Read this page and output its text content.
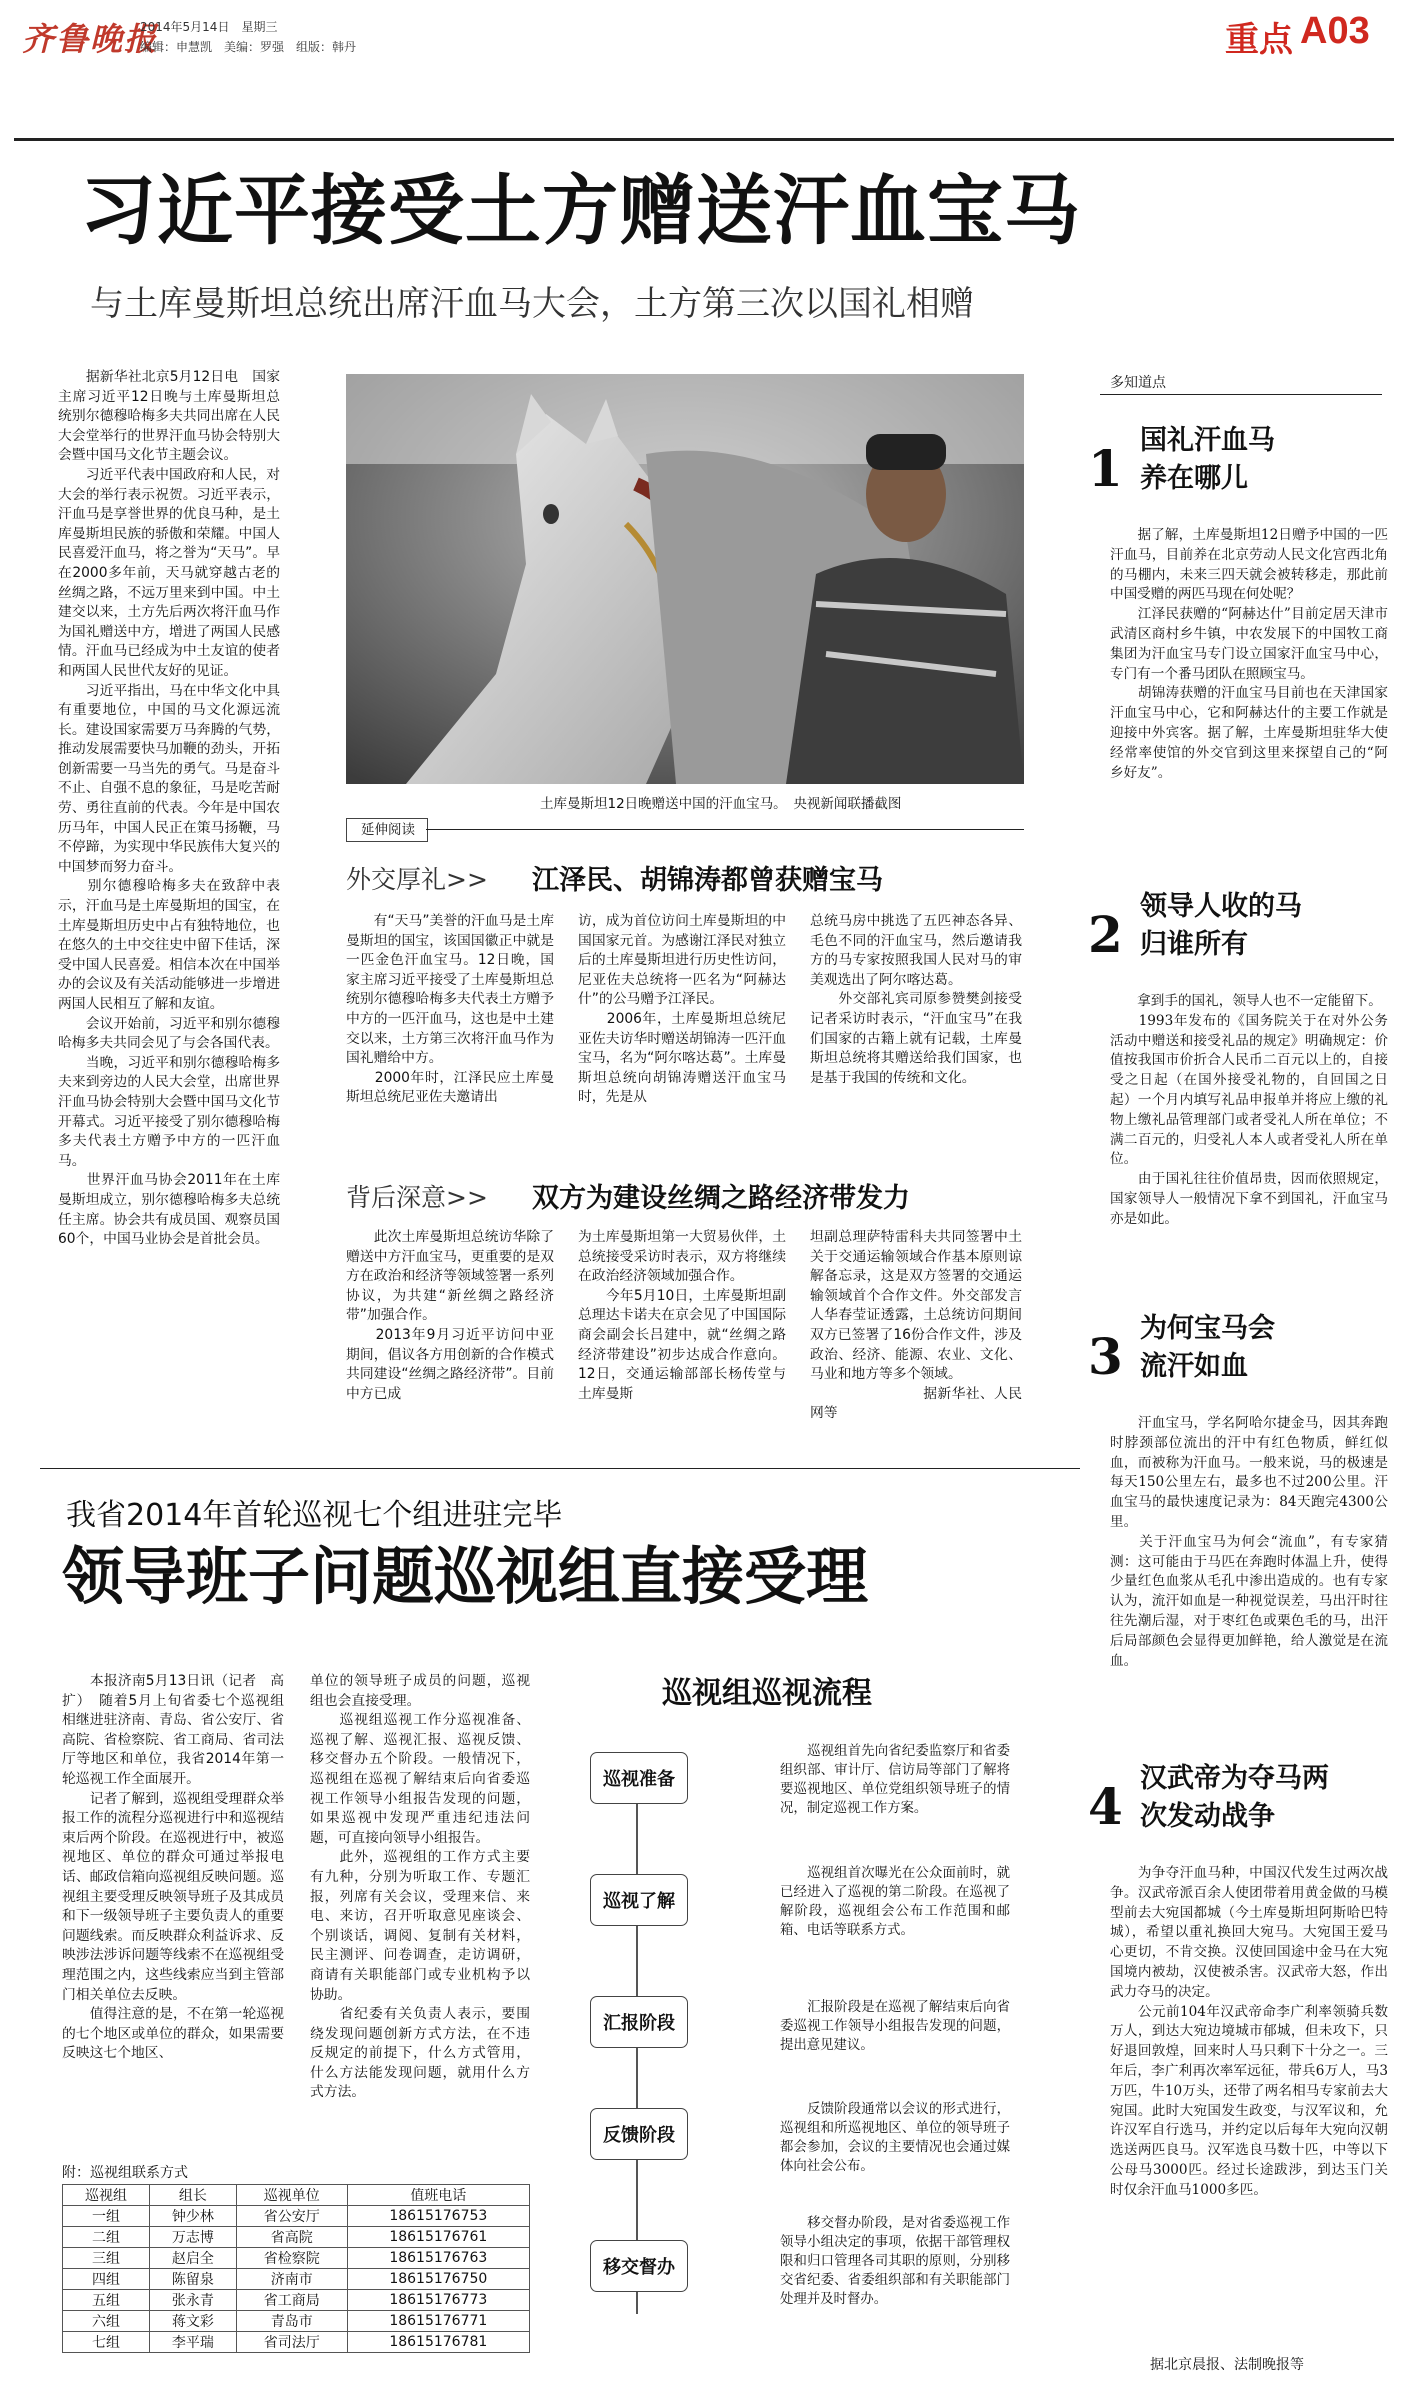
齐鲁晚报
2014年5月14日　星期三
编辑：申慧凯　美编：罗强　组版：韩丹	重点 A03
习近平接受土方赠送汗血宝马
与土库曼斯坦总统出席汗血马大会，土方第三次以国礼相赠
　　据新华社北京5月12日电　国家主席习近平12日晚与土库曼斯坦总统别尔德穆哈梅多夫共同出席在人民大会堂举行的世界汗血马协会特别大会暨中国马文化节主题会议。
　　习近平代表中国政府和人民，对大会的举行表示祝贺。习近平表示，汗血马是享誉世界的优良马种，是土库曼斯坦民族的骄傲和荣耀。中国人民喜爱汗血马，将之誉为“天马”。早在2000多年前，天马就穿越古老的丝绸之路，不远万里来到中国。中土建交以来，土方先后两次将汗血马作为国礼赠送中方，增进了两国人民感情。汗血马已经成为中土友谊的使者和两国人民世代友好的见证。
　　习近平指出，马在中华文化中具有重要地位，中国的马文化源远流长。建设国家需要万马奔腾的气势，推动发展需要快马加鞭的劲头，开拓创新需要一马当先的勇气。马是奋斗不止、自强不息的象征，马是吃苦耐劳、勇往直前的代表。今年是中国农历马年，中国人民正在策马扬鞭，马不停蹄，为实现中华民族伟大复兴的中国梦而努力奋斗。
　　别尔德穆哈梅多夫在致辞中表示，汗血马是土库曼斯坦的国宝，在土库曼斯坦历史中占有独特地位，也在悠久的土中交往史中留下佳话，深受中国人民喜爱。相信本次在中国举办的会议及有关活动能够进一步增进两国人民相互了解和友谊。
　　会议开始前，习近平和别尔德穆哈梅多夫共同会见了与会各国代表。
　　当晚，习近平和别尔德穆哈梅多夫来到旁边的人民大会堂，出席世界汗血马协会特别大会暨中国马文化节开幕式。习近平接受了别尔德穆哈梅多夫代表土方赠予中方的一匹汗血马。
　　世界汗血马协会2011年在土库曼斯坦成立，别尔德穆哈梅多夫总统任主席。协会共有成员国、观察员国60个，中国马业协会是首批会员。
土库曼斯坦12日晚赠送中国的汗血宝马。　央视新闻联播截图
延伸阅读
外交厚礼>> 江泽民、胡锦涛都曾获赠宝马
　　有“天马”美誉的汗血马是土库曼斯坦的国宝，该国国徽正中就是一匹金色汗血宝马。12日晚，国家主席习近平接受了土库曼斯坦总统别尔德穆哈梅多夫代表土方赠予中方的一匹汗血马，这也是中土建交以来，土方第三次将汗血马作为国礼赠给中方。
　　2000年时，江泽民应土库曼斯坦总统尼亚佐夫邀请出
访，成为首位访问土库曼斯坦的中国国家元首。为感谢江泽民对独立后的土库曼斯坦进行历史性访问，尼亚佐夫总统将一匹名为“阿赫达什”的公马赠予江泽民。
　　2006年，土库曼斯坦总统尼亚佐夫访华时赠送胡锦涛一匹汗血宝马，名为“阿尔喀达葛”。土库曼斯坦总统向胡锦涛赠送汗血宝马时，先是从
总统马房中挑选了五匹神态各异、毛色不同的汗血宝马，然后邀请我方的马专家按照我国人民对马的审美观选出了阿尔喀达葛。
　　外交部礼宾司原参赞樊剑接受记者采访时表示，“汗血宝马”在我们国家的古籍上就有记载，土库曼斯坦总统将其赠送给我们国家，也是基于我国的传统和文化。
背后深意>> 双方为建设丝绸之路经济带发力
　　此次土库曼斯坦总统访华除了赠送中方汗血宝马，更重要的是双方在政治和经济等领域签署一系列协议，为共建“新丝绸之路经济带”加强合作。
　　2013年9月习近平访问中亚期间，倡议各方用创新的合作模式共同建设“丝绸之路经济带”。目前中方已成
为土库曼斯坦第一大贸易伙伴，土总统接受采访时表示，双方将继续在政治经济领域加强合作。
　　今年5月10日，土库曼斯坦副总理达卡诺夫在京会见了中国国际商会副会长吕建中，就“丝绸之路经济带建设”初步达成合作意向。12日，交通运输部部长杨传堂与土库曼斯
坦副总理萨特雷科夫共同签署中土关于交通运输领域合作基本原则谅解备忘录，这是双方签署的交通运输领域首个合作文件。外交部发言人华春莹证透露，土总统访问期间双方已签署了16份合作文件，涉及政治、经济、能源、农业、文化、马业和地方等多个领域。
　　　　　　　　据新华社、人民网等
多知道点
1 国礼汗血马养在哪儿
　　据了解，土库曼斯坦12日赠予中国的一匹汗血马，目前养在北京劳动人民文化宫西北角的马棚内，未来三四天就会被转移走，那此前中国受赠的两匹马现在何处呢？
　　江泽民获赠的“阿赫达什”目前定居天津市武清区商村乡牛镇，中农发展下的中国牧工商集团为汗血宝马专门设立国家汗血宝马中心，专门有一个番马团队在照顾宝马。
　　胡锦涛获赠的汗血宝马目前也在天津国家汗血宝马中心，它和阿赫达什的主要工作就是迎接中外宾客。据了解，土库曼斯坦驻华大使经常率使馆的外交官到这里来探望自己的“阿乡好友”。
2 领导人收的马归谁所有
　　拿到手的国礼，领导人也不一定能留下。
　　1993年发布的《国务院关于在对外公务活动中赠送和接受礼品的规定》明确规定：价值按我国市价折合人民币二百元以上的，自接受之日起（在国外接受礼物的，自回国之日起）一个月内填写礼品申报单并将应上缴的礼物上缴礼品管理部门或者受礼人所在单位；不满二百元的，归受礼人本人或者受礼人所在单位。
　　由于国礼往往价值昂贵，因而依照规定，国家领导人一般情况下拿不到国礼，汗血宝马亦是如此。
3 为何宝马会流汗如血
　　汗血宝马，学名阿哈尔捷金马，因其奔跑时脖颈部位流出的汗中有红色物质，鲜红似血，而被称为汗血马。一般来说，马的极速是每天150公里左右，最多也不过200公里。汗血宝马的最快速度记录为：84天跑完4300公里。
　　关于汗血宝马为何会“流血”，有专家猜测：这可能由于马匹在奔跑时体温上升，使得少量红色血浆从毛孔中渗出造成的。也有专家认为，流汗如血是一种视觉误差，马出汗时往往先潮后湿，对于枣红色或栗色毛的马，出汗后局部颜色会显得更加鲜艳，给人激觉是在流血。
4 汉武帝为夺马两次发动战争
　　为争夺汗血马种，中国汉代发生过两次战争。汉武帝派百余人使团带着用黄金做的马模型前去大宛国都城（今土库曼斯坦阿斯哈巴特城），希望以重礼换回大宛马。大宛国王爱马心更切，不肯交换。汉使回国途中金马在大宛国境内被劫，汉使被杀害。汉武帝大怒，作出武力夺马的决定。
　　公元前104年汉武帝命李广利率领骑兵数万人，到达大宛边境城市郁城，但未攻下，只好退回敦煌，回来时人马只剩下十分之一。三年后，李广利再次率军远征，带兵6万人，马3万匹，牛10万头，还带了两名相马专家前去大宛国。此时大宛国发生政变，与汉军议和，允许汉军自行选马，并约定以后每年大宛向汉朝选送两匹良马。汉军选良马数十匹，中等以下公母马3000匹。经过长途跋涉，到达玉门关时仅余汗血马1000多匹。
据北京晨报、法制晚报等
我省2014年首轮巡视七个组进驻完毕
领导班子问题巡视组直接受理
　　本报济南5月13日讯（记者　高扩）　随着5月上旬省委七个巡视组相继进驻济南、青岛、省公安厅、省高院、省检察院、省工商局、省司法厅等地区和单位，我省2014年第一轮巡视工作全面展开。
　　记者了解到，巡视组受理群众举报工作的流程分巡视进行中和巡视结束后两个阶段。在巡视进行中，被巡视地区、单位的群众可通过举报电话、邮政信箱向巡视组反映问题。巡视组主要受理反映领导班子及其成员和下一级领导班子主要负责人的重要问题线索。而反映群众利益诉求、反映涉法涉诉问题等线索不在巡视组受理范围之内，这些线索应当到主管部门相关单位去反映。
　　值得注意的是，不在第一轮巡视的七个地区或单位的群众，如果需要反映这七个地区、
单位的领导班子成员的问题，巡视组也会直接受理。
　　巡视组巡视工作分巡视准备、巡视了解、巡视汇报、巡视反馈、移交督办五个阶段。一般情况下，巡视组在巡视了解结束后向省委巡视工作领导小组报告发现的问题，如果巡视中发现严重违纪违法问题，可直接向领导小组报告。
　　此外，巡视组的工作方式主要有九种，分别为听取工作、专题汇报，列席有关会议，受理来信、来电、来访，召开听取意见座谈会、个别谈话，调阅、复制有关材料，民主测评、问卷调查，走访调研，商请有关职能部门或专业机构予以协助。
　　省纪委有关负责人表示，要围绕发现问题创新方式方法，在不违反规定的前提下，什么方式管用，什么方法能发现问题，就用什么方式方法。
巡视组巡视流程
巡视准备
巡视了解
汇报阶段
反馈阶段
移交督办
　　巡视组首先向省纪委监察厅和省委组织部、审计厅、信访局等部门了解将要巡视地区、单位党组织领导班子的情况，制定巡视工作方案。
　　巡视组首次曝光在公众面前时，就已经进入了巡视的第二阶段。在巡视了解阶段，巡视组会公布工作范围和邮箱、电话等联系方式。
　　汇报阶段是在巡视了解结束后向省委巡视工作领导小组报告发现的问题，提出意见建议。
　　反馈阶段通常以会议的形式进行，巡视组和所巡视地区、单位的领导班子都会参加，会议的主要情况也会通过媒体向社会公布。
　　移交督办阶段，是对省委巡视工作领导小组决定的事项，依据干部管理权限和归口管理各司其职的原则，分别移交省纪委、省委组织部和有关职能部门处理并及时督办。
附：巡视组联系方式
巡视组	组长	巡视单位	值班电话
一组	钟少林	省公安厅	18615176753
二组	万志博	省高院	18615176761
三组	赵启全	省检察院	18615176763
四组	陈留泉	济南市	18615176750
五组	张永青	省工商局	18615176773
六组	蒋文彩	青岛市	18615176771
七组	李平瑞	省司法厅	18615176781
